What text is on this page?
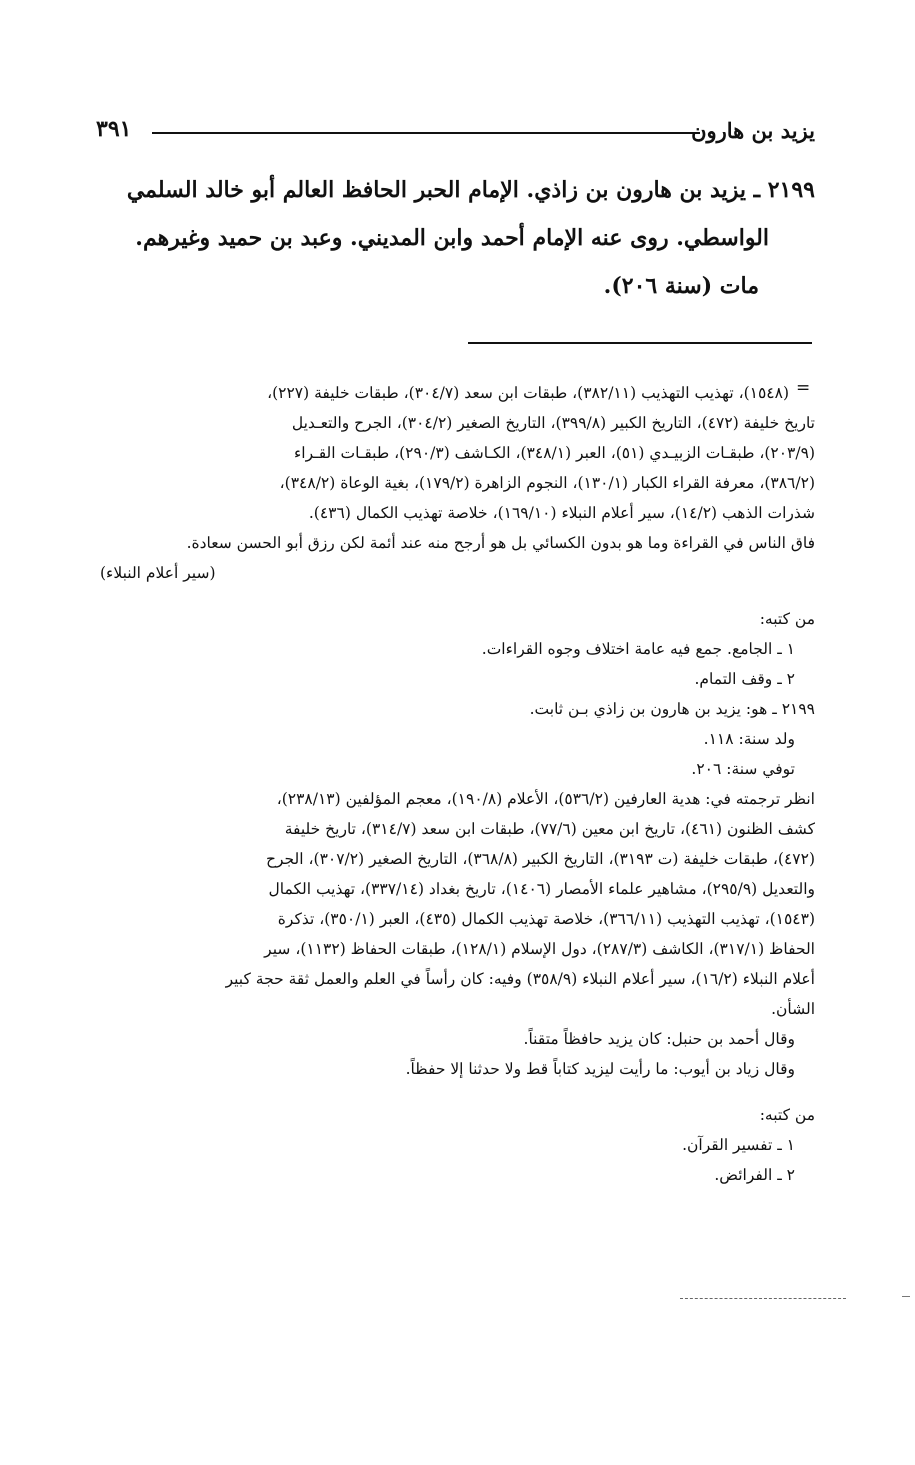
يزيد بن هارون
٣٩١
٢١٩٩ ـ يزيد بن هارون بن زاذي. الإمام الحبر الحافظ العالم أبو خالد السلمي
الواسطي. روى عنه الإمام أحمد وابن المديني. وعبد بن حميد وغيرهم.
مات (سنة ٢٠٦).
=
(١٥٤٨)، تهذيب التهذيب (٣٨٢/١١)، طبقات ابن سعد (٣٠٤/٧)، طبقات خليفة (٢٢٧)،
تاريخ خليفة (٤٧٢)، التاريخ الكبير (٣٩٩/٨)، التاريخ الصغير (٣٠٤/٢)، الجرح والتعـديل
(٢٠٣/٩)، طبقـات الزبيـدي (٥١)، العبر (٣٤٨/١)، الكـاشف (٢٩٠/٣)، طبقـات القـراء
(٣٨٦/٢)، معرفة القراء الكبار (١٣٠/١)، النجوم الزاهرة (١٧٩/٢)، بغية الوعاة (٣٤٨/٢)،
شذرات الذهب (١٤/٢)، سير أعلام النبلاء (١٦٩/١٠)، خلاصة تهذيب الكمال (٤٣٦).
فاق الناس في القراءة وما هو بدون الكسائي بل هو أرجح منه عند أئمة لكن رزق أبو الحسن سعادة.
(سير أعلام النبلاء)
من كتبه:
١ ـ الجامع. جمع فيه عامة اختلاف وجوه القراءات.
٢ ـ وقف التمام.
٢١٩٩ ـ هو: يزيد بن هارون بن زاذي بـن ثابت.
ولد سنة: ١١٨.
توفي سنة: ٢٠٦.
انظر ترجمته في: هدية العارفين (٥٣٦/٢)، الأعلام (١٩٠/٨)، معجم المؤلفين (٢٣٨/١٣)،
كشف الظنون (٤٦١)، تاريخ ابن معين (٧٧/٦)، طبقات ابن سعد (٣١٤/٧)، تاريخ خليفة
(٤٧٢)، طبقات خليفة (ت ٣١٩٣)، التاريخ الكبير (٣٦٨/٨)، التاريخ الصغير (٣٠٧/٢)، الجرح
والتعديل (٢٩٥/٩)، مشاهير علماء الأمصار (١٤٠٦)، تاريخ بغداد (٣٣٧/١٤)، تهذيب الكمال
(١٥٤٣)، تهذيب التهذيب (٣٦٦/١١)، خلاصة تهذيب الكمال (٤٣٥)، العبر (٣٥٠/١)، تذكرة
الحفاظ (٣١٧/١)، الكاشف (٢٨٧/٣)، دول الإسلام (١٢٨/١)، طبقات الحفاظ (١١٣٢)، سير
أعلام النبلاء (١٦/٢)، سير أعلام النبلاء (٣٥٨/٩) وفيه: كان رأساً في العلم والعمل ثقة حجة كبير
الشأن.
وقال أحمد بن حنبل: كان يزيد حافظاً متقناً.
وقال زياد بن أيوب: ما رأيت ليزيد كتاباً قط ولا حدثنا إلا حفظاً.
من كتبه:
١ ـ تفسير القرآن.
٢ ـ الفرائض.
